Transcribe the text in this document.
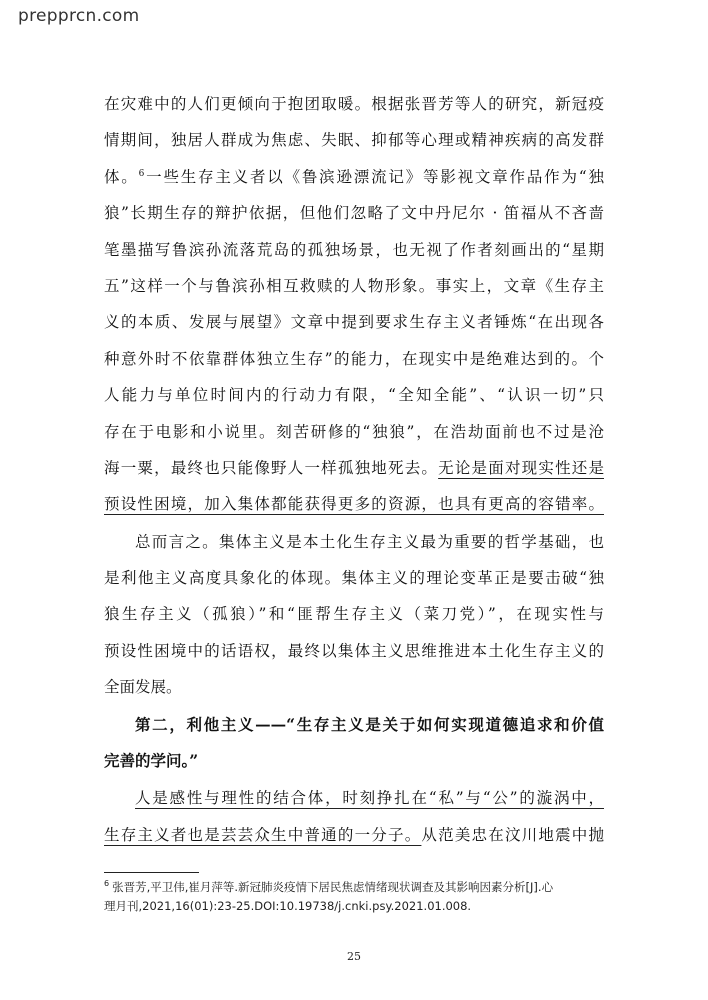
prepprcn.com
在灾难中的人们更倾向于抱团取暖。根据张晋芳等人的研究，新冠疫
情期间，独居人群成为焦虑、失眠、抑郁等心理或精神疾病的高发群
体。$^6$一些生存主义者以《鲁滨逊漂流记》等影视文章作品作为“独
狼”长期生存的辩护依据，但他们忽略了文中丹尼尔 · 笛福从不吝啬
笔墨描写鲁滨孙流落荒岛的孤独场景，也无视了作者刻画出的“星期
五”这样一个与鲁滨孙相互救赎的人物形象。事实上，文章《生存主
义的本质、发展与展望》文章中提到要求生存主义者锤炼“在出现各
种意外时不依靠群体独立生存”的能力，在现实中是绝难达到的。个
人能力与单位时间内的行动力有限，“全知全能”、“认识一切”只
存在于电影和小说里。刻苦研修的“独狼”，在浩劫面前也不过是沧
海一粟，最终也只能像野人一样孤独地死去。无论是面对现实性还是
预设性困境，加入集体都能获得更多的资源，也具有更高的容错率。
总而言之。集体主义是本土化生存主义最为重要的哲学基础，也
是利他主义高度具象化的体现。集体主义的理论变革正是要击破“独
狼生存主义（孤狼）”和“匪帮生存主义（菜刀党）”，在现实性与
预设性困境中的话语权，最终以集体主义思维推进本土化生存主义的
全面发展。
第二，利他主义——“生存主义是关于如何实现道德追求和价值
完善的学问。”
人是感性与理性的结合体，时刻挣扎在“私”与“公”的漩涡中，
生存主义者也是芸芸众生中普通的一分子。从范美忠在汶川地震中抛
$^6$ 张晋芳,平卫伟,崔月萍等.新冠肺炎疫情下居民焦虑情绪现状调查及其影响因素分析[J].心
理月刊,2021,16(01):23-25.DOI:10.19738/j.cnki.psy.2021.01.008.
25
